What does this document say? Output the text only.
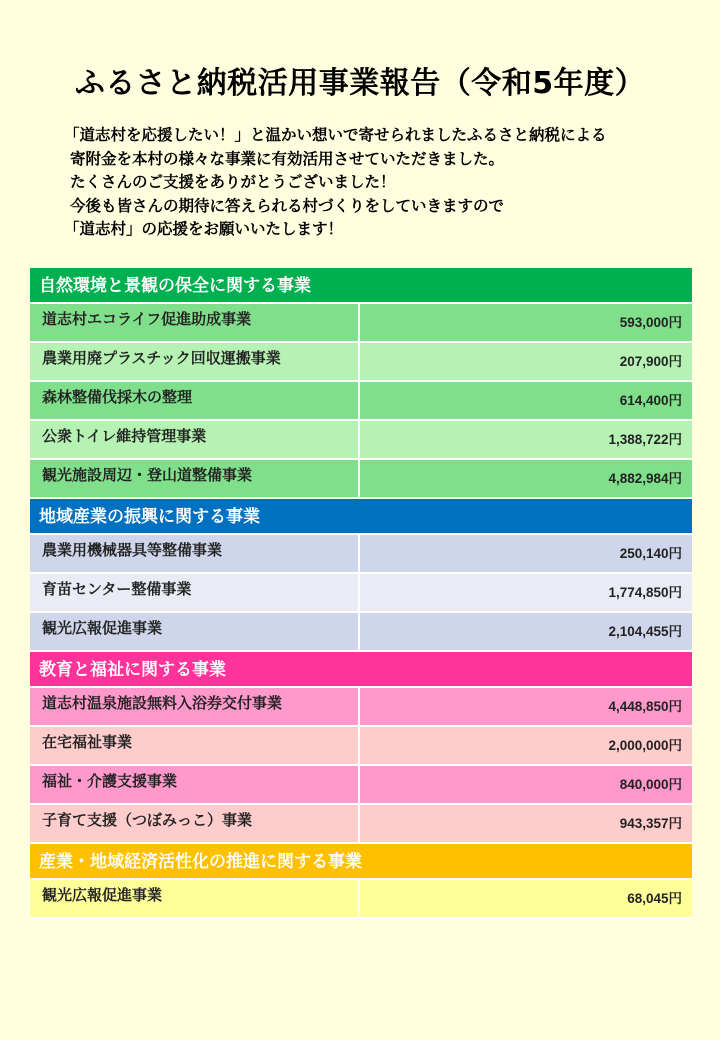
ふるさと納税活用事業報告（令和5年度）
「道志村を応援したい！」と温かい想いで寄せられましたふるさと納税による
寄附金を本村の様々な事業に有効活用させていただきました。
たくさんのご支援をありがとうございました！
今後も皆さんの期待に答えられる村づくりをしていきますので
「道志村」の応援をお願いいたします！
自然環境と景観の保全に関する事業
道志村エコライフ促進助成事業	593,000円
農業用廃プラスチック回収運搬事業	207,900円
森林整備伐採木の整理	614,400円
公衆トイレ維持管理事業	1,388,722円
観光施設周辺・登山道整備事業	4,882,984円
地域産業の振興に関する事業
農業用機械器具等整備事業	250,140円
育苗センター整備事業	1,774,850円
観光広報促進事業	2,104,455円
教育と福祉に関する事業
道志村温泉施設無料入浴券交付事業	4,448,850円
在宅福祉事業	2,000,000円
福祉・介護支援事業	840,000円
子育て支援（つぼみっこ）事業	943,357円
産業・地域経済活性化の推進に関する事業
観光広報促進事業	68,045円
